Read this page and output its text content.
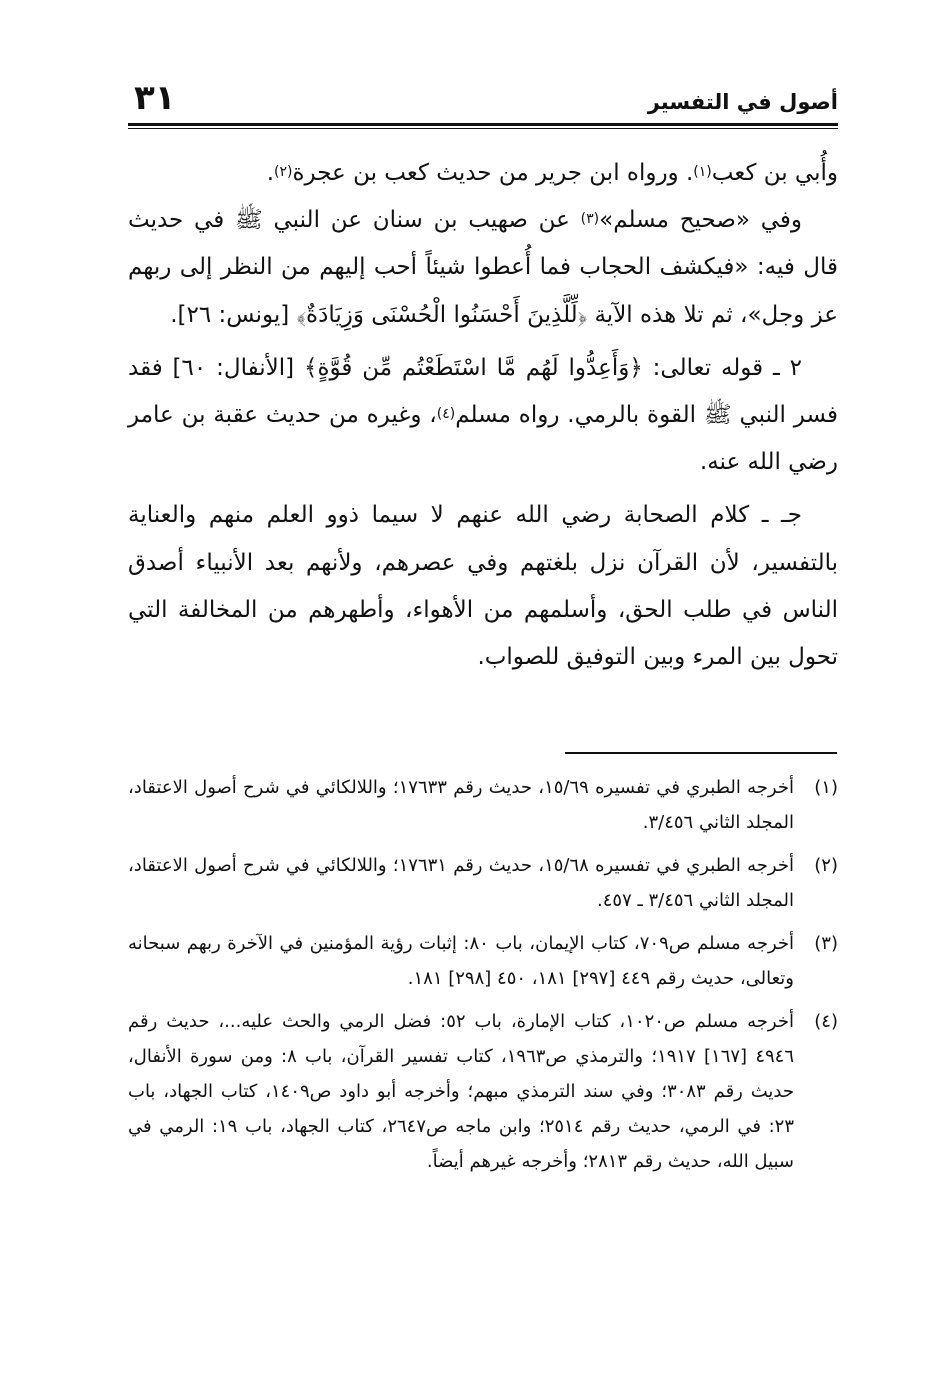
أصول في التفسير
٣١

وأُبي بن كعب$^{(١)}$. ورواه ابن جرير من حديث كعب بن عجرة$^{(٢)}$.

وفي «صحيح مسلم»$^{(٣)}$ عن صهيب بن سنان عن النبي ﷺ في حديث قال فيه: «فيكشف الحجاب فما أُعطوا شيئاً أحب إليهم من النظر إلى ربهم عز وجل»، ثم تلا هذه الآية ﴿لِّلَّذِينَ أَحْسَنُوا الْحُسْنَى وَزِيَادَةٌ﴾ [يونس: ٢٦].

٢ ـ قوله تعالى: ﴿وَأَعِدُّوا لَهُم مَّا اسْتَطَعْتُم مِّن قُوَّةٍ﴾ [الأنفال: ٦٠] فقد فسر النبي ﷺ القوة بالرمي. رواه مسلم$^{(٤)}$، وغيره من حديث عقبة بن عامر رضي الله عنه.

جـ ـ كلام الصحابة رضي الله عنهم لا سيما ذوو العلم منهم والعناية بالتفسير، لأن القرآن نزل بلغتهم وفي عصرهم، ولأنهم بعد الأنبياء أصدق الناس في طلب الحق، وأسلمهم من الأهواء، وأطهرهم من المخالفة التي تحول بين المرء وبين التوفيق للصواب.

(١)
أخرجه الطبري في تفسيره ١٥/٦٩، حديث رقم ١٧٦٣٣؛ واللالكائي في شرح أصول الاعتقاد، المجلد الثاني ٣/٤٥٦.
(٢)
أخرجه الطبري في تفسيره ١٥/٦٨، حديث رقم ١٧٦٣١؛ واللالكائي في شرح أصول الاعتقاد، المجلد الثاني ٣/٤٥٦ ـ ٤٥٧.
(٣)
أخرجه مسلم ص٧٠٩، كتاب الإيمان، باب ٨٠: إثبات رؤية المؤمنين في الآخرة ربهم سبحانه وتعالى، حديث رقم ٤٤٩ [٢٩٧] ١٨١، ٤٥٠ [٢٩٨] ١٨١.
(٤)
أخرجه مسلم ص١٠٢٠، كتاب الإمارة، باب ٥٢: فضل الرمي والحث عليه...، حديث رقم ٤٩٤٦ [١٦٧] ١٩١٧؛ والترمذي ص١٩٦٣، كتاب تفسير القرآن، باب ٨: ومن سورة الأنفال، حديث رقم ٣٠٨٣؛ وفي سند الترمذي مبهم؛ وأخرجه أبو داود ص١٤٠٩، كتاب الجهاد، باب ٢٣: في الرمي، حديث رقم ٢٥١٤؛ وابن ماجه ص٢٦٤٧، كتاب الجهاد، باب ١٩: الرمي في سبيل الله، حديث رقم ٢٨١٣؛ وأخرجه غيرهم أيضاً.
